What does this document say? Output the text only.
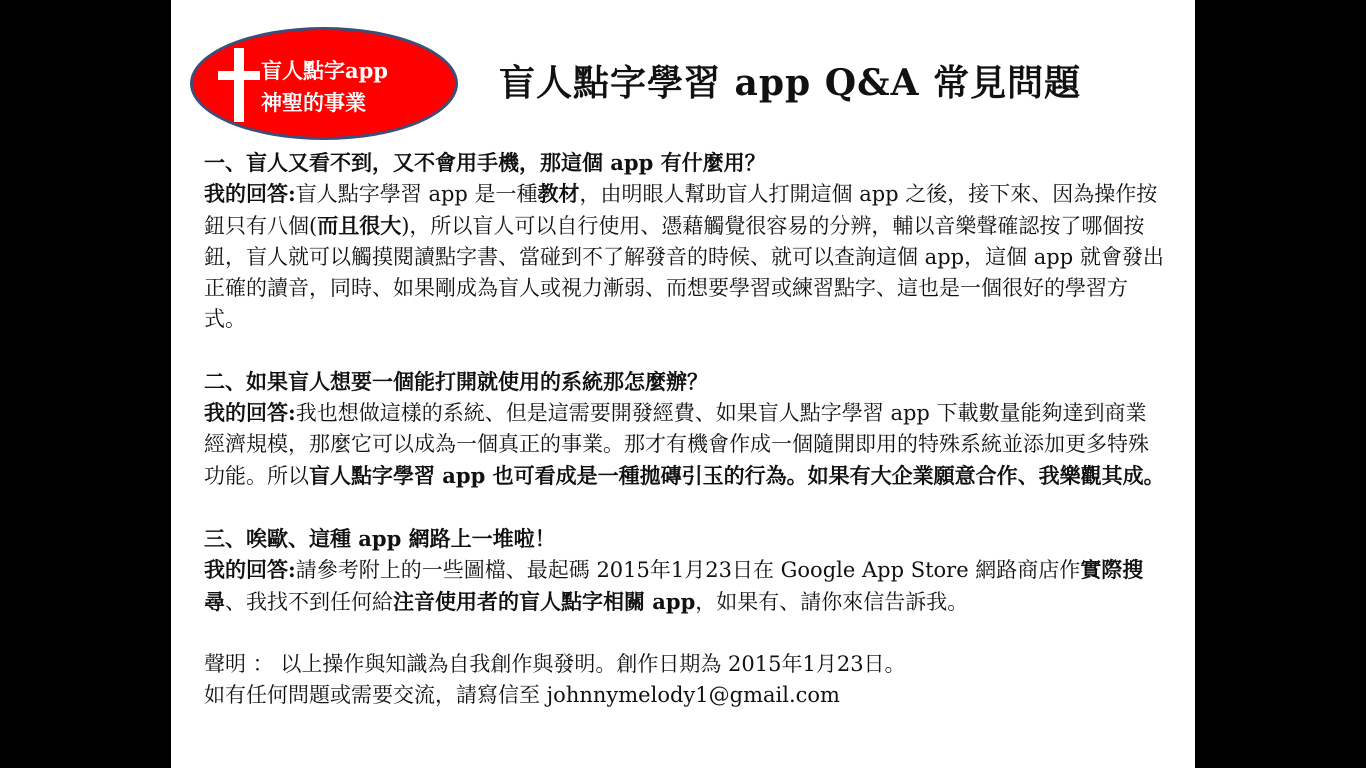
盲人點字app
神聖的事業	盲人點字學習 app Q&A 常見問題

一、盲人又看不到，又不會用手機，那這個 app 有什麼用？

我的回答:盲人點字學習 app 是一種教材，由明眼人幫助盲人打開這個 app 之後，接下來、因為操作按鈕只有八個(而且很大)，所以盲人可以自行使用、憑藉觸覺很容易的分辨，輔以音樂聲確認按了哪個按鈕，盲人就可以觸摸閱讀點字書、當碰到不了解發音的時候、就可以查詢這個 app，這個 app 就會發出正確的讀音，同時、如果剛成為盲人或視力漸弱、而想要學習或練習點字、這也是一個很好的學習方式。

二、如果盲人想要一個能打開就使用的系統那怎麼辦？

我的回答:我也想做這樣的系統、但是這需要開發經費、如果盲人點字學習 app 下載數量能夠達到商業經濟規模，那麼它可以成為一個真正的事業。那才有機會作成一個隨開即用的特殊系統並添加更多特殊功能。所以盲人點字學習 app 也可看成是一種拋磚引玉的行為。如果有大企業願意合作、我樂觀其成。

三、唉歐、這種 app 網路上一堆啦！

我的回答:請參考附上的一些圖檔、最起碼 2015年1月23日在 Google App Store 網路商店作實際搜尋、我找不到任何給注音使用者的盲人點字相關 app，如果有、請你來信告訴我。

聲明 ： 以上操作與知識為自我創作與發明。創作日期為 2015年1月23日。

如有任何問題或需要交流，請寫信至 johnnymelody1@gmail.com
